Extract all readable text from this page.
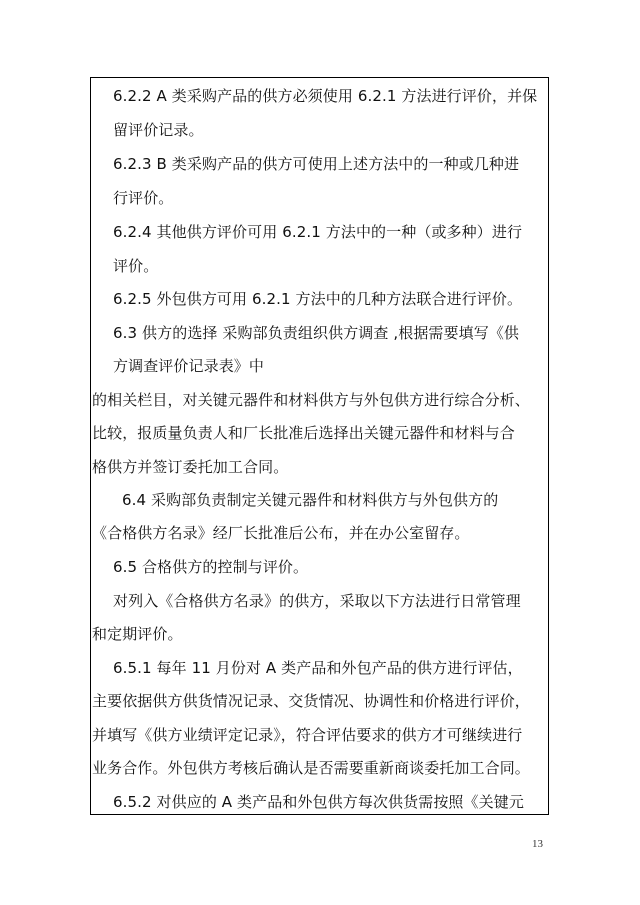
6.2.2 A 类采购产品的供方必须使用 6.2.1 方法进行评价，并保
留评价记录。
6.2.3 B 类采购产品的供方可使用上述方法中的一种或几种进
行评价。
6.2.4 其他供方评价可用 6.2.1 方法中的一种（或多种）进行
评价。
6.2.5 外包供方可用 6.2.1 方法中的几种方法联合进行评价。
6.3 供方的选择 采购部负责组织供方调查 ,根据需要填写《供
方调查评价记录表》中
的相关栏目，对关键元器件和材料供方与外包供方进行综合分析、
比较，报质量负责人和厂长批准后选择出关键元器件和材料与合
格供方并签订委托加工合同。
6.4 采购部负责制定关键元器件和材料供方与外包供方的
《合格供方名录》经厂长批准后公布，并在办公室留存。
6.5 合格供方的控制与评价。
对列入《合格供方名录》的供方，采取以下方法进行日常管理
和定期评价。
6.5.1 每年 11 月份对 A 类产品和外包产品的供方进行评估，
主要依据供方供货情况记录、交货情况、协调性和价格进行评价，
并填写《供方业绩评定记录》，符合评估要求的供方才可继续进行
业务合作。外包供方考核后确认是否需要重新商谈委托加工合同。
6.5.2 对供应的 A 类产品和外包供方每次供货需按照《关键元
13
